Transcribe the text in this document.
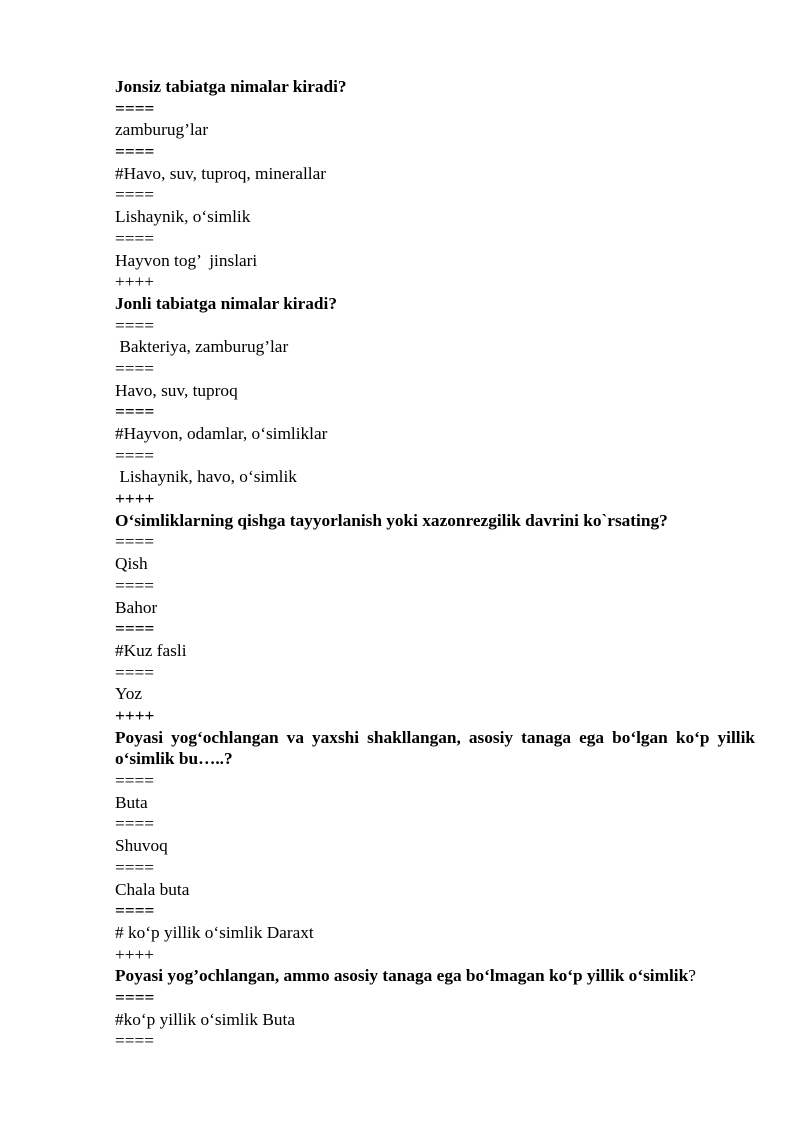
Jonsiz tabiatga nimalar kiradi?
====
zamburug’lar
====
#Havo, suv, tuproq, minerallar
====
Lishaynik, o‘simlik
====
Hayvon tog’  jinslari
++++
Jonli tabiatga nimalar kiradi?
====
Bakteriya, zamburug’lar
====
Havo, suv, tuproq
====
#Hayvon, odamlar, o‘simliklar
====
Lishaynik, havo, o‘simlik
++++
O‘simliklarning qishga tayyorlanish yoki xazonrezgilik davrini ko`rsating?
====
Qish
====
Bahor
====
#Kuz fasli
====
Yoz
++++
Poyasi yog‘ochlangan va yaxshi shakllangan, asosiy tanaga ega bo‘lgan ko‘p yillik o‘simlik bu…..?
====
Buta
====
Shuvoq
====
Chala buta
====
# ko‘p yillik o‘simlik Daraxt
++++
Poyasi yog’ochlangan, ammo asosiy tanaga ega bo‘lmagan ko‘p yillik o‘simlik?
====
#ko‘p yillik o‘simlik Buta
====
